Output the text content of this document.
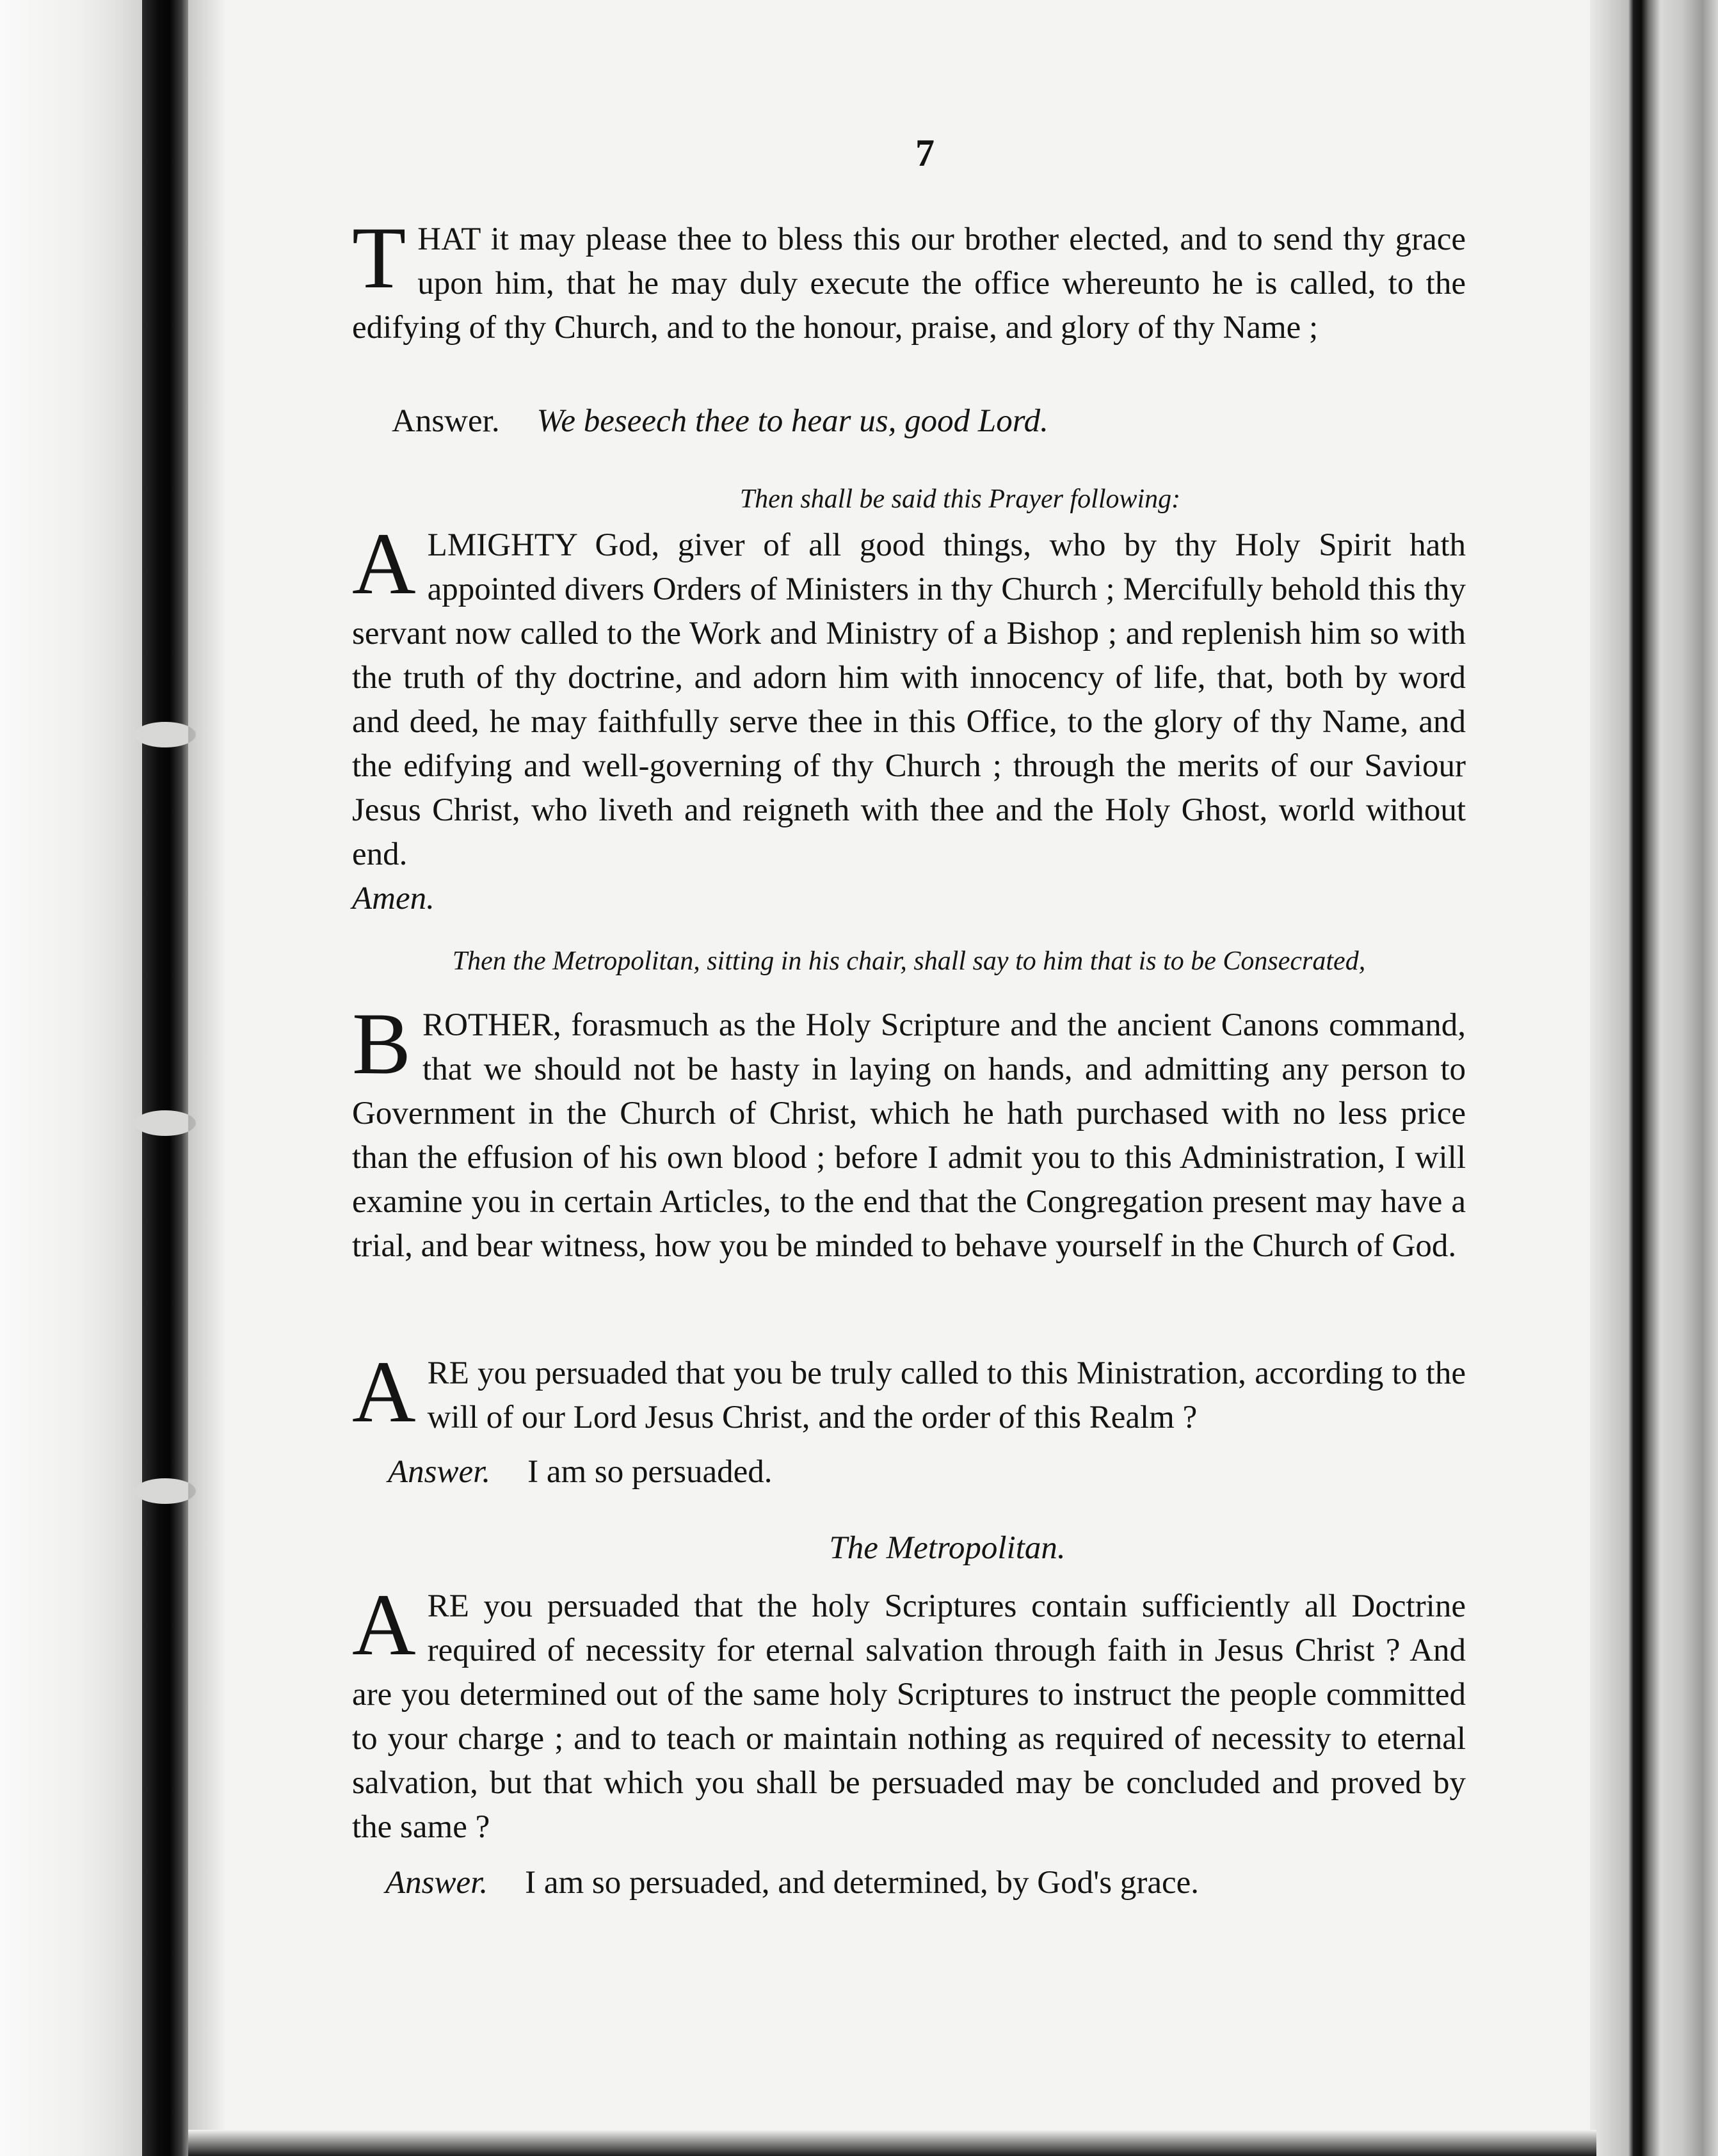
7
THAT it may please thee to bless this our brother elected, and to send thy grace upon him, that he may duly execute the office whereunto he is called, to the edifying of thy Church, and to the honour, praise, and glory of thy Name ;
Answer. We beseech thee to hear us, good Lord.
Then shall be said this Prayer following:
ALMIGHTY God, giver of all good things, who by thy Holy Spirit hath appointed divers Orders of Ministers in thy Church ; Mercifully behold this thy servant now called to the Work and Ministry of a Bishop ; and replenish him so with the truth of thy doctrine, and adorn him with innocency of life, that, both by word and deed, he may faithfully serve thee in this Office, to the glory of thy Name, and the edifying and well-governing of thy Church ; through the merits of our Saviour Jesus Christ, who liveth and reigneth with thee and the Holy Ghost, world without end.
Amen.
Then the Metropolitan, sitting in his chair, shall say to him that is to be Consecrated,
BROTHER, forasmuch as the Holy Scripture and the ancient Canons command, that we should not be hasty in laying on hands, and admitting any person to Government in the Church of Christ, which he hath purchased with no less price than the effusion of his own blood ; before I admit you to this Administration, I will examine you in certain Articles, to the end that the Congregation present may have a trial, and bear witness, how you be minded to behave yourself in the Church of God.
ARE you persuaded that you be truly called to this Ministration, according to the will of our Lord Jesus Christ, and the order of this Realm ?
Answer. I am so persuaded.
The Metropolitan.
ARE you persuaded that the holy Scriptures contain sufficiently all Doctrine required of necessity for eternal salvation through faith in Jesus Christ ? And are you determined out of the same holy Scriptures to instruct the people committed to your charge ; and to teach or maintain nothing as required of necessity to eternal salvation, but that which you shall be persuaded may be concluded and proved by the same ?
Answer. I am so persuaded, and determined, by God's grace.
